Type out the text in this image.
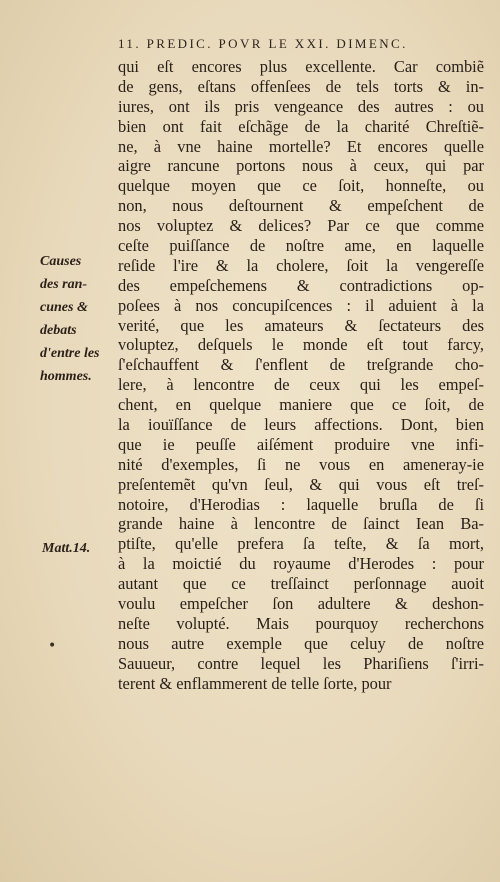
11. PREDIC. POVR LE XXI. DIMENC.
Causes
des ran-
cunes &
debats
d'entre les
hommes.
Matt.14.
•
qui eſt encores plus excellente. Car combiẽ
de gens, eſtans offenſees de tels torts & in-
iures, ont ils pris vengeance des autres : ou
bien ont fait eſchãge de la charité Chreſtiẽ-
ne, à vne haine mortelle? Et encores quelle
aigre rancune portons nous à ceux, qui par
quelque moyen que ce ſoit, honneſte, ou
non, nous deſtournent & empeſchent de
nos voluptez & delices? Par ce que comme
ceſte puiſſance de noſtre ame, en laquelle
reſide l'ire & la cholere, ſoit la vengereſſe
des empeſchemens & contradictions op-
poſees à nos concupiſcences : il aduient à la
verité, que les amateurs & ſectateurs des
voluptez, deſquels le monde eſt tout farcy,
ſ'eſchauffent & ſ'enflent de treſgrande cho-
lere, à lencontre de ceux qui les empeſ-
chent, en quelque maniere que ce ſoit, de
la iouïſſance de leurs affections. Dont, bien
que ie peuſſe aiſément produire vne infi-
nité d'exemples, ſi ne vous en ameneray-ie
preſentemẽt qu'vn ſeul, & qui vous eſt treſ-
notoire, d'Herodias : laquelle bruſla de ſi
grande haine à lencontre de ſainct Iean Ba-
ptiſte, qu'elle prefera ſa teſte, & ſa mort,
à la moictié du royaume d'Herodes : pour
autant que ce treſſainct perſonnage auoit
voulu empeſcher ſon adultere & deshon-
neſte volupté. Mais pourquoy recherchons
nous autre exemple que celuy de noſtre
Sauueur, contre lequel les Phariſiens ſ'irri-
terent & enflammerent de telle ſorte, pour
